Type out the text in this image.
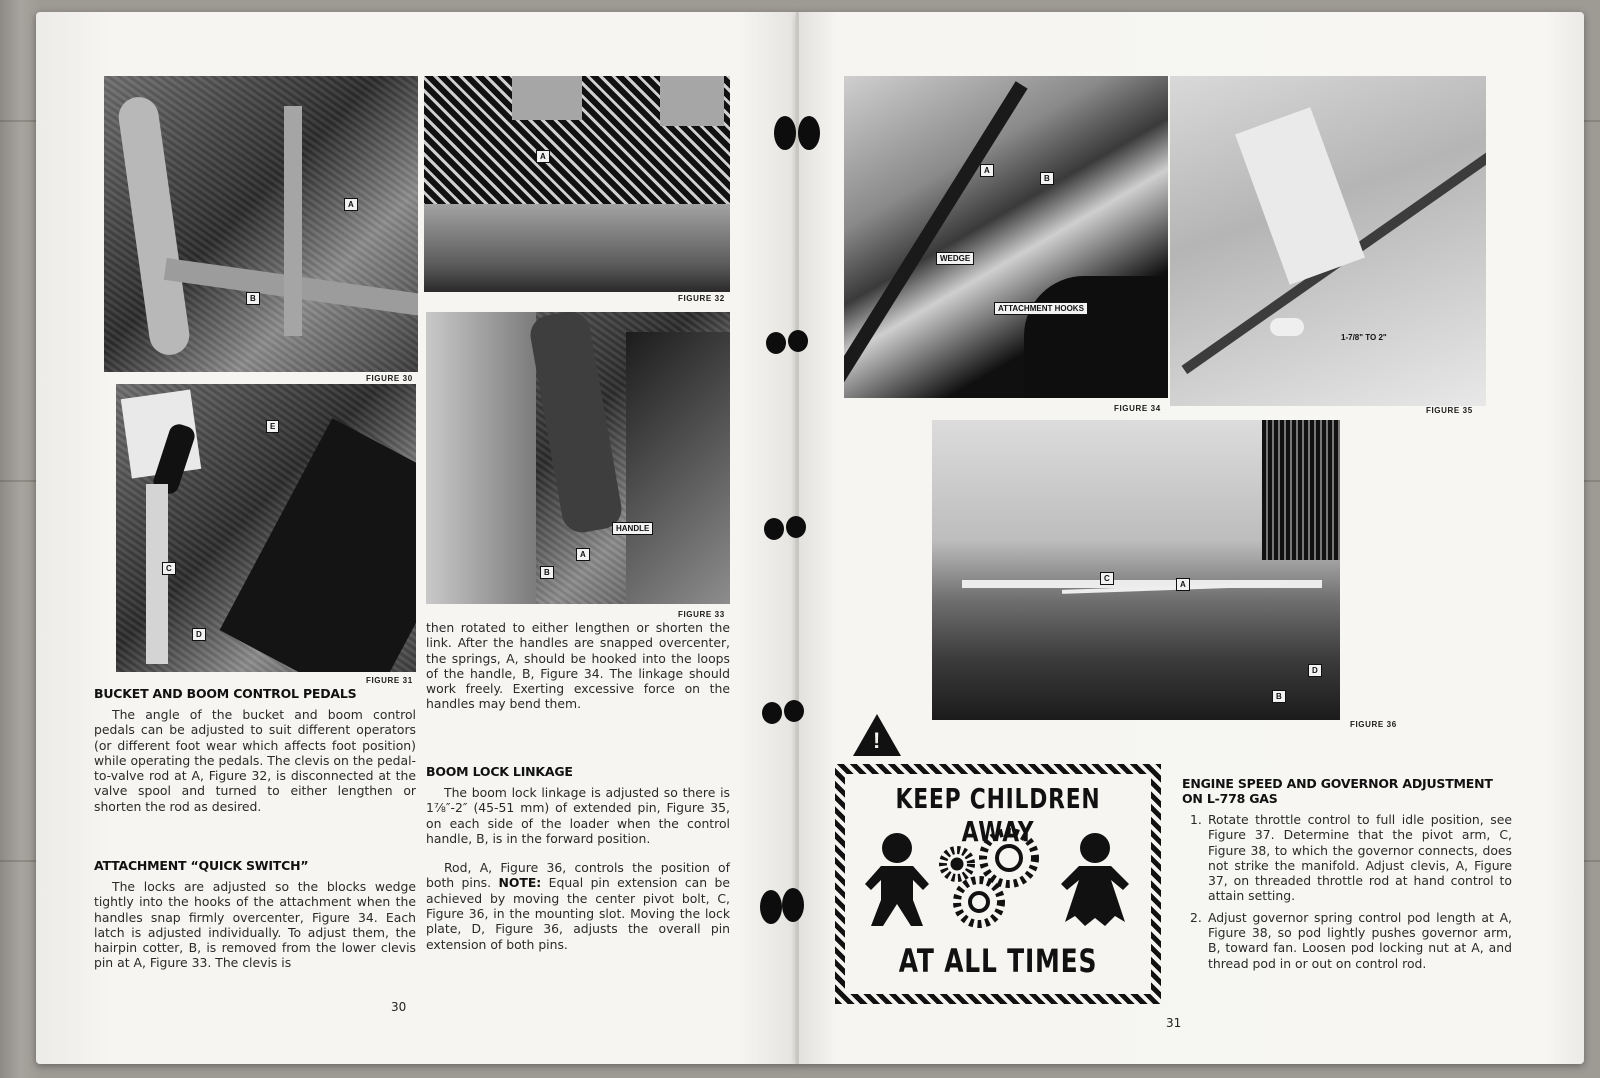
A
B
FIGURE 30
A
FIGURE 32
E
C
D
FIGURE 31
HANDLE
A
B
FIGURE 33
BUCKET AND BOOM CONTROL PEDALS

The angle of the bucket and boom control pedals can be adjusted to suit different operators (or different foot wear which affects foot position) while operating the pedals. The clevis on the pedal-to-valve rod at A, Figure 32, is disconnected at the valve spool and turned to either lengthen or shorten the rod as desired.

ATTACHMENT “QUICK SWITCH”

The locks are adjusted so the blocks wedge tightly into the hooks of the attachment when the handles snap firmly overcenter, Figure 34. Each latch is adjusted individually. To adjust them, the hairpin cotter, B, is removed from the lower clevis pin at A, Figure 33. The clevis is

then rotated to either lengthen or shorten the link. After the handles are snapped overcenter, the springs, A, should be hooked into the loops of the handle, B, Figure 34. The linkage should work freely. Exerting excessive force on the handles may bend them.

BOOM LOCK LINKAGE

The boom lock linkage is adjusted so there is 1⅞″-2″ (45-51 mm) of extended pin, Figure 35, on each side of the loader when the control handle, B, is in the forward position.

Rod, A, Figure 36, controls the position of both pins. NOTE: Equal pin extension can be achieved by moving the center pivot bolt, C, Figure 36, in the mounting slot. Moving the lock plate, D, Figure 36, adjusts the overall pin extension of both pins.

30
A
B
WEDGE
ATTACHMENT HOOKS
FIGURE 34
1-7/8" TO 2"
FIGURE 35
C
A
D
B
FIGURE 36
!
KEEP CHILDREN AWAY
AT ALL TIMES
ENGINE SPEED AND GOVERNOR ADJUSTMENT
ON L-778 GAS
1. Rotate throttle control to full idle position, see Figure 37. Determine that the pivot arm, C, Figure 38, to which the governor connects, does not strike the manifold. Adjust clevis, A, Figure 37, on threaded throttle rod at hand control to attain setting.
2. Adjust governor spring control pod length at A, Figure 38, so pod lightly pushes governor arm, B, toward fan. Loosen pod locking nut at A, and thread pod in or out on control rod.
31
